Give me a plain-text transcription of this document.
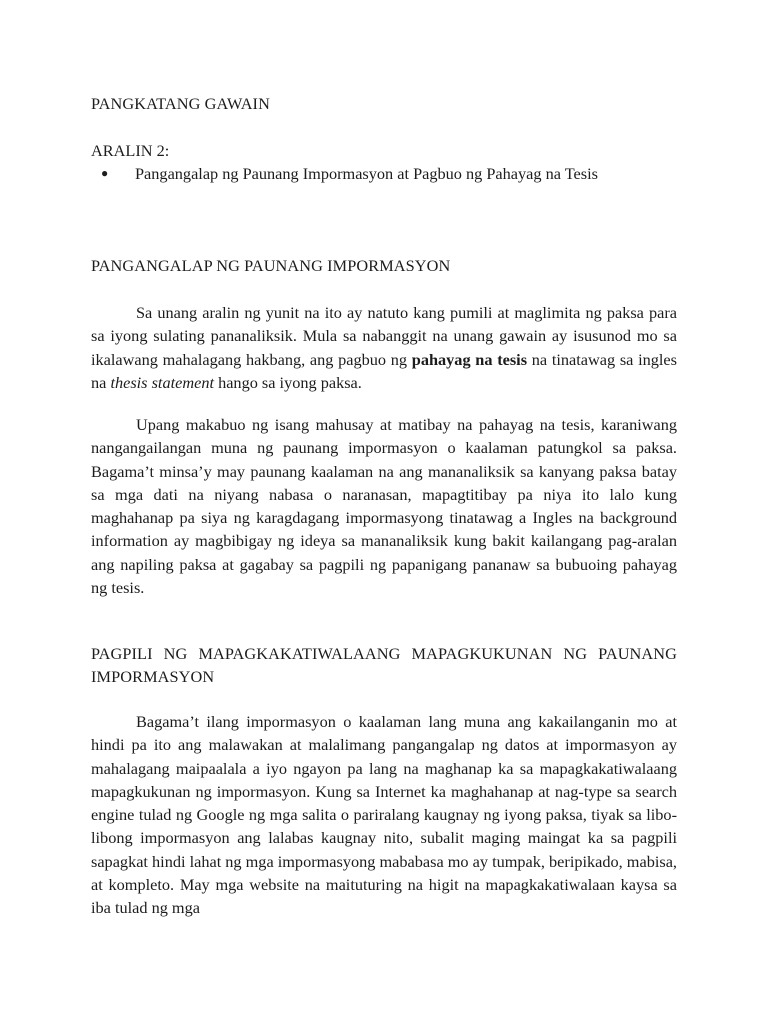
PANGKATANG GAWAIN
ARALIN 2:
● Pangangalap ng Paunang Impormasyon at Pagbuo ng Pahayag na Tesis
PANGANGALAP NG PAUNANG IMPORMASYON

Sa unang aralin ng yunit na ito ay natuto kang pumili at maglimita ng paksa para sa iyong sulating pananaliksik. Mula sa nabanggit na unang gawain ay isusunod mo sa ikalawang mahalagang hakbang, ang pagbuo ng pahayag na tesis na tinatawag sa ingles na thesis statement hango sa iyong paksa.

Upang makabuo ng isang mahusay at matibay na pahayag na tesis, karaniwang nangangailangan muna ng paunang impormasyon o kaalaman patungkol sa paksa. Bagama’t minsa’y may paunang kaalaman na ang mananaliksik sa kanyang paksa batay sa mga dati na niyang nabasa o naranasan, mapagtitibay pa niya ito lalo kung maghahanap pa siya ng karagdagang impormasyong tinatawag a Ingles na background information ay magbibigay ng ideya sa mananaliksik kung bakit kailangang pag-aralan ang napiling paksa at gagabay sa pagpili ng papanigang pananaw sa bubuoing pahayag ng tesis.

PAGPILI NG MAPAGKAKATIWALAANG MAPAGKUKUNAN NG PAUNANG
IMPORMASYON

Bagama’t ilang impormasyon o kaalaman lang muna ang kakailanganin mo at hindi pa ito ang malawakan at malalimang pangangalap ng datos at impormasyon ay mahalagang maipaalala a iyo ngayon pa lang na maghanap ka sa mapagkakatiwalaang mapagkukunan ng impormasyon. Kung sa Internet ka maghahanap at nag-type sa search engine tulad ng Google ng mga salita o pariralang kaugnay ng iyong paksa, tiyak sa libo-libong impormasyon ang lalabas kaugnay nito, subalit maging maingat ka sa pagpili sapagkat hindi lahat ng mga impormasyong mababasa mo ay tumpak, beripikado, mabisa, at kompleto. May mga website na maituturing na higit na mapagkakatiwalaan kaysa sa iba tulad ng mga
